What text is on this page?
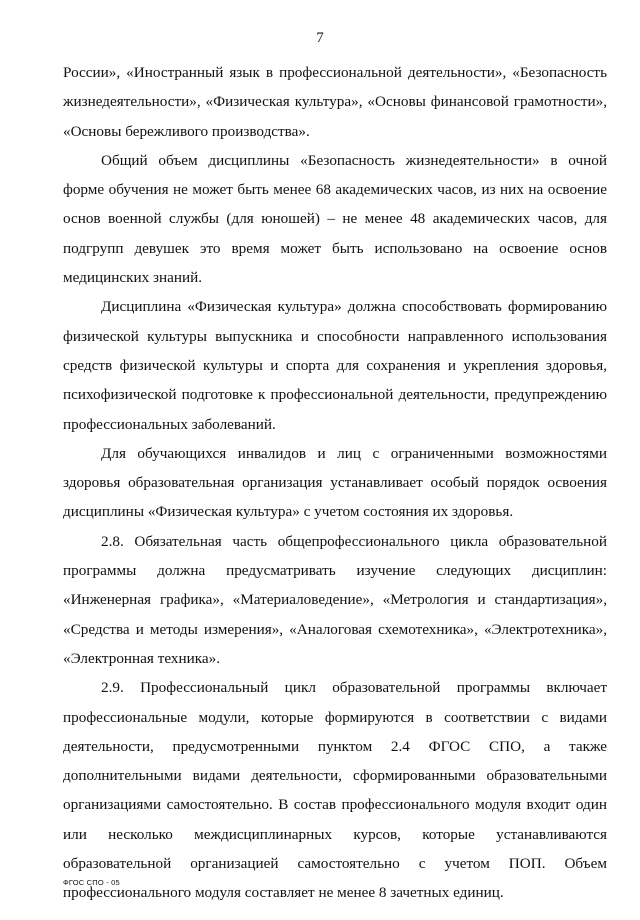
7

России», «Иностранный язык в профессиональной деятельности», «Безопасность жизнедеятельности», «Физическая культура», «Основы финансовой грамотности», «Основы бережливого производства».

Общий объем дисциплины «Безопасность жизнедеятельности» в очной форме обучения не может быть менее 68 академических часов, из них на освоение основ военной службы (для юношей) – не менее 48 академических часов, для подгрупп девушек это время может быть использовано на освоение основ медицинских знаний.

Дисциплина «Физическая культура» должна способствовать формированию физической культуры выпускника и способности направленного использования средств физической культуры и спорта для сохранения и укрепления здоровья, психофизической подготовке к профессиональной деятельности, предупреждению профессиональных заболеваний.

Для обучающихся инвалидов и лиц с ограниченными возможностями здоровья образовательная организация устанавливает особый порядок освоения дисциплины «Физическая культура» с учетом состояния их здоровья.

2.8. Обязательная часть общепрофессионального цикла образовательной программы должна предусматривать изучение следующих дисциплин: «Инженерная графика», «Материаловедение», «Метрология и стандартизация», «Средства и методы измерения», «Аналоговая схемотехника», «Электротехника», «Электронная техника».

2.9. Профессиональный цикл образовательной программы включает профессиональные модули, которые формируются в соответствии с видами деятельности, предусмотренными пунктом 2.4 ФГОС СПО, а также дополнительными видами деятельности, сформированными образовательными организациями самостоятельно. В состав профессионального модуля входит один или несколько междисциплинарных курсов, которые устанавливаются образовательной организацией самостоятельно с учетом ПОП. Объем профессионального модуля составляет не менее 8 зачетных единиц.

ФГОС СПО - 05
